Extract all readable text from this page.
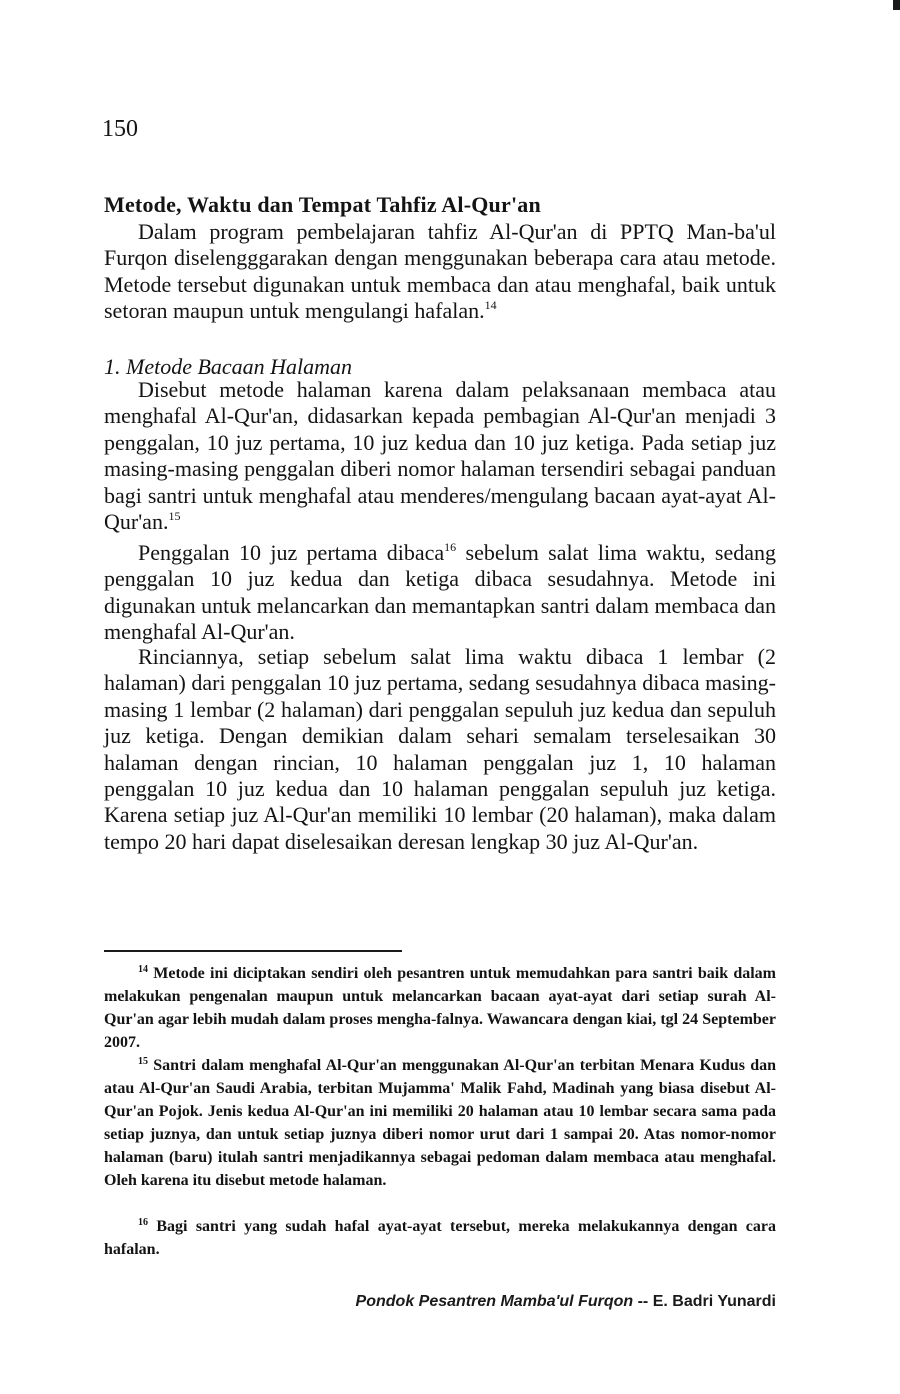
150
Metode, Waktu dan Tempat Tahfiz Al-Qur'an

Dalam program pembelajaran tahfiz Al-Qur'an di PPTQ Man-ba'ul Furqon diselengggarakan dengan menggunakan beberapa cara atau metode. Metode tersebut digunakan untuk membaca dan atau menghafal, baik untuk setoran maupun untuk mengulangi hafalan.$^{14}$

1. Metode Bacaan Halaman

Disebut metode halaman karena dalam pelaksanaan membaca atau menghafal Al-Qur'an, didasarkan kepada pembagian Al-Qur'an menjadi 3 penggalan, 10 juz pertama, 10 juz kedua dan 10 juz ketiga. Pada setiap juz masing-masing penggalan diberi nomor halaman tersendiri sebagai panduan bagi santri untuk menghafal atau menderes/mengulang bacaan ayat-ayat Al-Qur'an.$^{15}$

Penggalan 10 juz pertama dibaca$^{16}$ sebelum salat lima waktu, sedang penggalan 10 juz kedua dan ketiga dibaca sesudahnya. Metode ini digunakan untuk melancarkan dan memantapkan santri dalam membaca dan menghafal Al-Qur'an.

Rinciannya, setiap sebelum salat lima waktu dibaca 1 lembar (2 halaman) dari penggalan 10 juz pertama, sedang sesudahnya dibaca masing-masing 1 lembar (2 halaman) dari penggalan sepuluh juz kedua dan sepuluh juz ketiga. Dengan demikian dalam sehari semalam terselesaikan 30 halaman dengan rincian, 10 halaman penggalan juz 1, 10 halaman penggalan 10 juz kedua dan 10 halaman penggalan sepuluh juz ketiga. Karena setiap juz Al-Qur'an memiliki 10 lembar (20 halaman), maka dalam tempo 20 hari dapat diselesaikan deresan lengkap 30 juz Al-Qur'an.

$^{14}$ Metode ini diciptakan sendiri oleh pesantren untuk memudahkan para santri baik dalam melakukan pengenalan maupun untuk melancarkan bacaan ayat-ayat dari setiap surah Al-Qur'an agar lebih mudah dalam proses mengha-falnya. Wawancara dengan kiai, tgl 24 September 2007.

$^{15}$ Santri dalam menghafal Al-Qur'an menggunakan Al-Qur'an terbitan Menara Kudus dan atau Al-Qur'an Saudi Arabia, terbitan Mujamma' Malik Fahd, Madinah yang biasa disebut Al-Qur'an Pojok. Jenis kedua Al-Qur'an ini memiliki 20 halaman atau 10 lembar secara sama pada setiap juznya, dan untuk setiap juznya diberi nomor urut dari 1 sampai 20. Atas nomor-nomor halaman (baru) itulah santri menjadikannya sebagai pedoman dalam membaca atau menghafal. Oleh karena itu disebut metode halaman.

$^{16}$ Bagi santri yang sudah hafal ayat-ayat tersebut, mereka melakukannya dengan cara hafalan.

Pondok Pesantren Mamba'ul Furqon -- E. Badri Yunardi
